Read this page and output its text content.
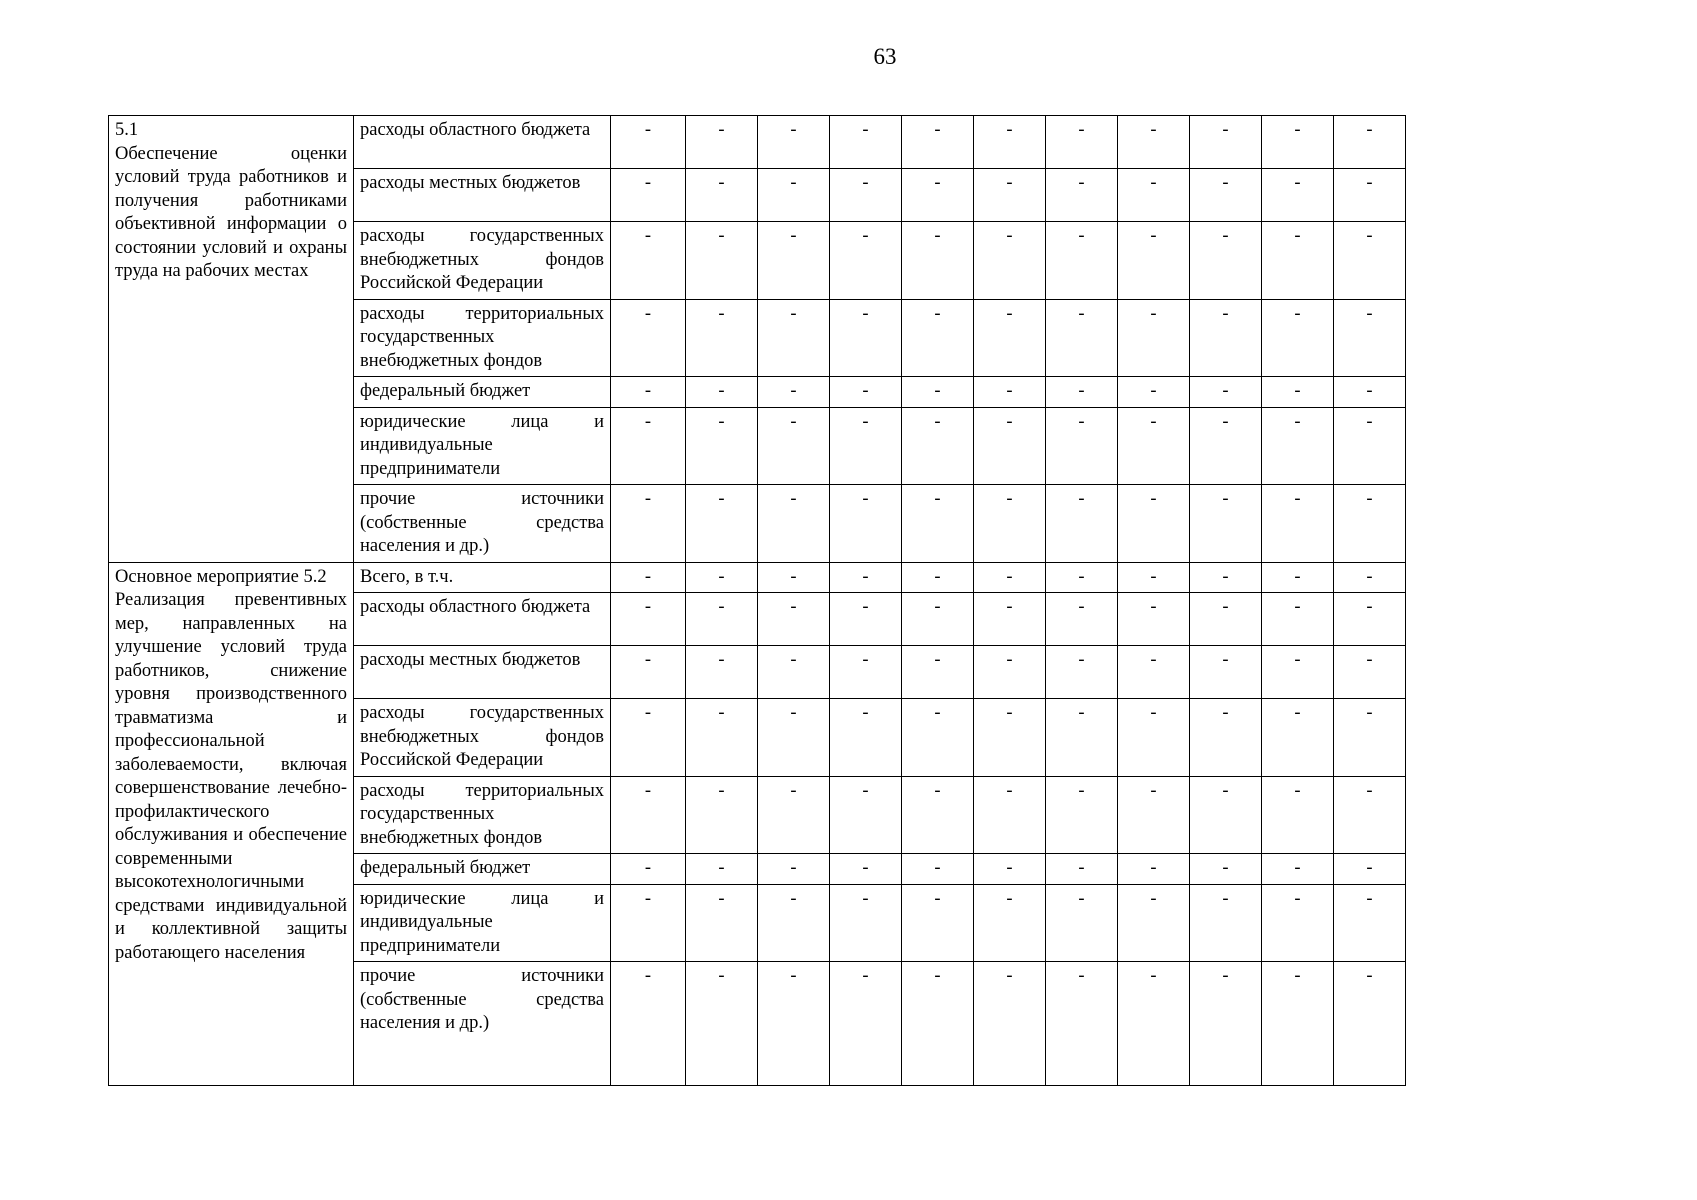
63
5.1
Обеспечение оценки условий труда работников и получения работниками объективной информации о состоянии условий и охраны труда на рабочих местах	расходы областного бюджета	-	-	-	-	-	-	-	-	-	-	-
	расходы местных бюджетов	-	-	-	-	-	-	-	-	-	-	-
	расходы государственных внебюджетных фондов Российской Федерации	-	-	-	-	-	-	-	-	-	-	-
	расходы территориальных государственных внебюджетных фондов	-	-	-	-	-	-	-	-	-	-	-
	федеральный бюджет	-	-	-	-	-	-	-	-	-	-	-
	юридические лица и индивидуальные предприниматели	-	-	-	-	-	-	-	-	-	-	-
	прочие источники (собственные средства населения и др.)	-	-	-	-	-	-	-	-	-	-	-

Основное мероприятие 5.2
Реализация превентивных мер, направленных на улучшение условий труда работников, снижение уровня производственного травматизма и профессиональной заболеваемости, включая совершенствование лечебно-профилактического обслуживания и обеспечение современными высокотехнологичными средствами индивидуальной и коллективной защиты работающего населения	Всего, в т.ч.	-	-	-	-	-	-	-	-	-	-	-
	расходы областного бюджета	-	-	-	-	-	-	-	-	-	-	-
	расходы местных бюджетов	-	-	-	-	-	-	-	-	-	-	-
	расходы государственных внебюджетных фондов Российской Федерации	-	-	-	-	-	-	-	-	-	-	-
	расходы территориальных государственных внебюджетных фондов	-	-	-	-	-	-	-	-	-	-	-
	федеральный бюджет	-	-	-	-	-	-	-	-	-	-	-
	юридические лица и индивидуальные предприниматели	-	-	-	-	-	-	-	-	-	-	-
	прочие источники (собственные средства населения и др.)	-	-	-	-	-	-	-	-	-	-	-
